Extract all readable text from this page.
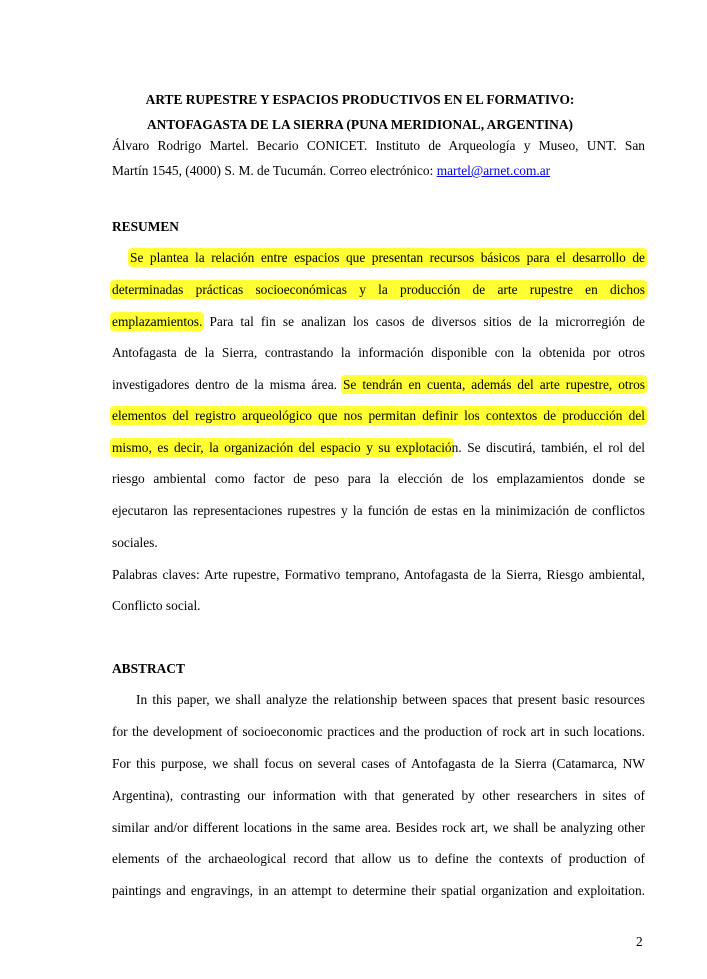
ARTE RUPESTRE Y ESPACIOS PRODUCTIVOS EN EL FORMATIVO:
ANTOFAGASTA DE LA SIERRA (PUNA MERIDIONAL, ARGENTINA)
Álvaro Rodrigo Martel. Becario CONICET. Instituto de Arqueología y Museo, UNT. San
Martín 1545, (4000) S. M. de Tucumán. Correo electrónico: martel@arnet.com.ar
RESUMEN
Se plantea la relación entre espacios que presentan recursos básicos para el desarrollo de
determinadas prácticas socioeconómicas y la producción de arte rupestre en dichos
emplazamientos. Para tal fin se analizan los casos de diversos sitios de la microrregión de
Antofagasta de la Sierra, contrastando la información disponible con la obtenida por otros
investigadores dentro de la misma área. Se tendrán en cuenta, además del arte rupestre, otros
elementos del registro arqueológico que nos permitan definir los contextos de producción del
mismo, es decir, la organización del espacio y su explotación. Se discutirá, también, el rol del
riesgo ambiental como factor de peso para la elección de los emplazamientos donde se
ejecutaron las representaciones rupestres y la función de estas en la minimización de conflictos
sociales.
Palabras claves: Arte rupestre, Formativo temprano, Antofagasta de la Sierra, Riesgo ambiental,
Conflicto social.
ABSTRACT
In this paper, we shall analyze the relationship between spaces that present basic resources
for the development of socioeconomic practices and the production of rock art in such locations.
For this purpose, we shall focus on several cases of Antofagasta de la Sierra (Catamarca, NW
Argentina), contrasting our information with that generated by other researchers in sites of
similar and/or different locations in the same area. Besides rock art, we shall be analyzing other
elements of the archaeological record that allow us to define the contexts of production of
paintings and engravings, in an attempt to determine their spatial organization and exploitation.
2
